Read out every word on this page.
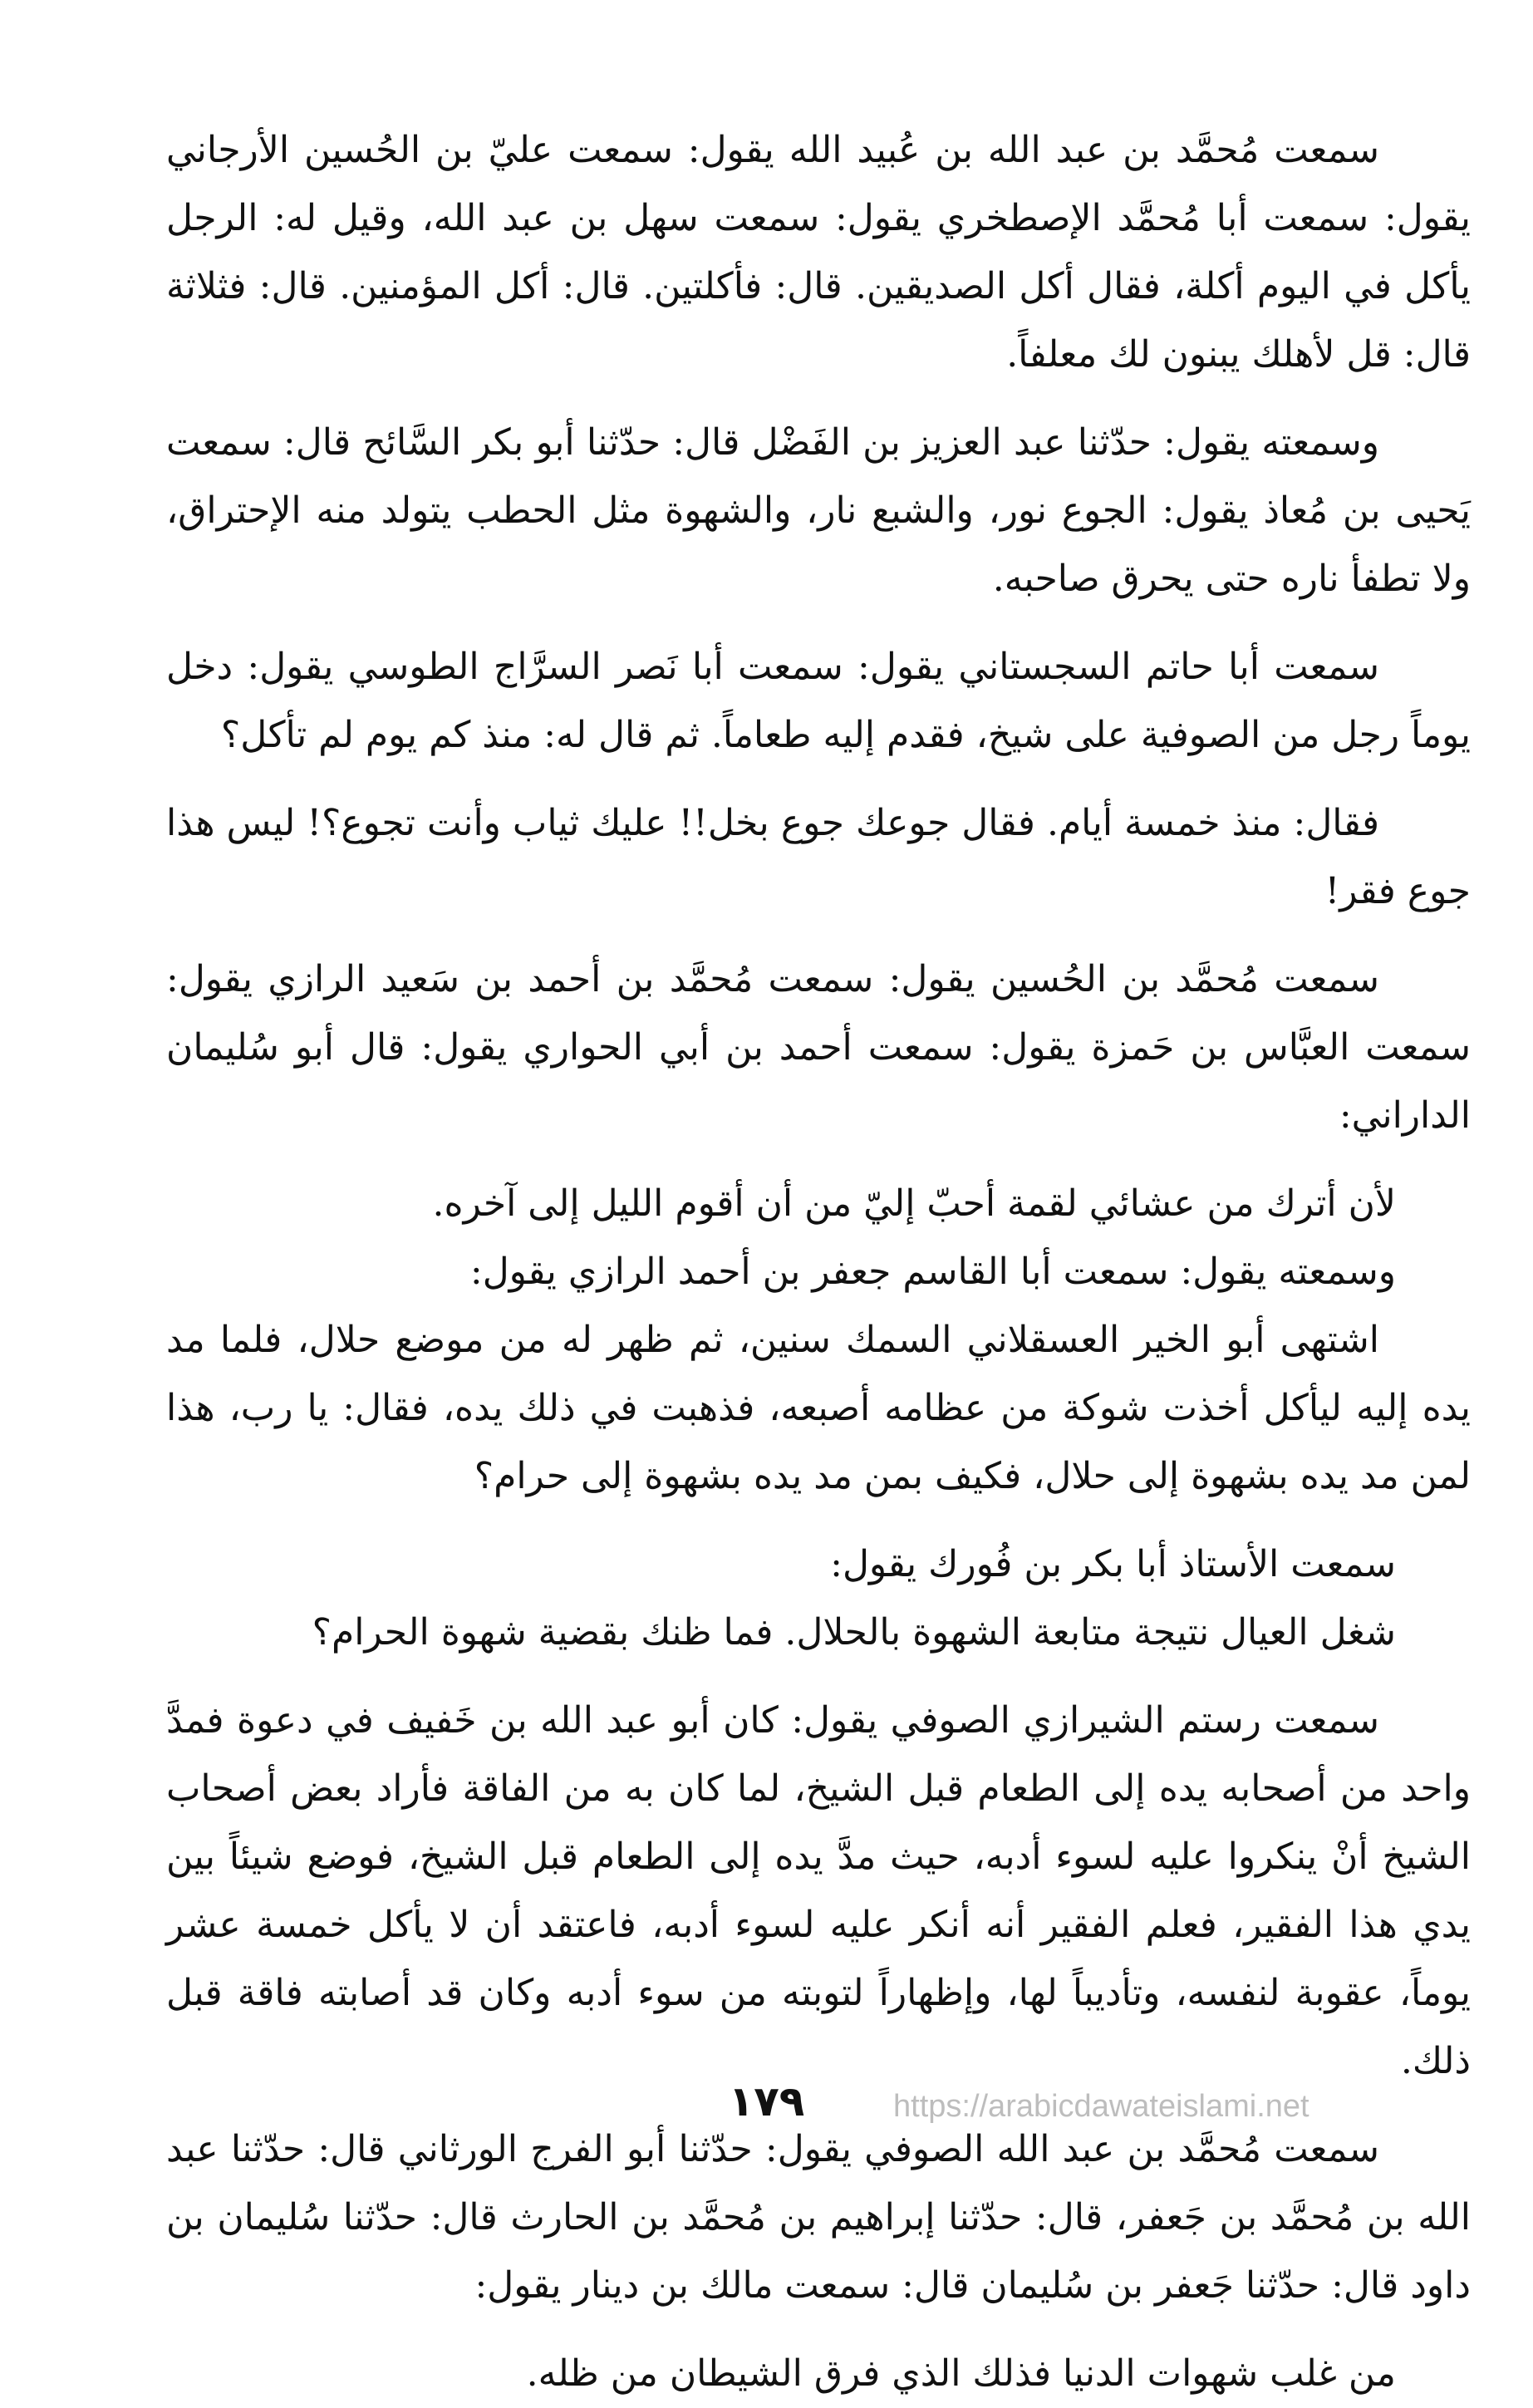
سمعت مُحمَّد بن عبد الله بن عُبيد الله يقول: سمعت عليّ بن الحُسين الأرجاني يقول: سمعت أبا مُحمَّد الإصطخري يقول: سمعت سهل بن عبد الله، وقيل له: الرجل يأكل في اليوم أكلة، فقال أكل الصديقين. قال: فأكلتين. قال: أكل المؤمنين. قال: فثلاثة قال: قل لأهلك يبنون لك معلفاً.

وسمعته يقول: حدّثنا عبد العزيز بن الفَضْل قال: حدّثنا أبو بكر السَّائح قال: سمعت يَحيى بن مُعاذ يقول: الجوع نور، والشبع نار، والشهوة مثل الحطب يتولد منه الإحتراق، ولا تطفأ ناره حتى يحرق صاحبه.

سمعت أبا حاتم السجستاني يقول: سمعت أبا نَصر السرَّاج الطوسي يقول: دخل يوماً رجل من الصوفية على شيخ، فقدم إليه طعاماً. ثم قال له: منذ كم يوم لم تأكل؟

فقال: منذ خمسة أيام. فقال جوعك جوع بخل!! عليك ثياب وأنت تجوع؟! ليس هذا جوع فقر!

سمعت مُحمَّد بن الحُسين يقول: سمعت مُحمَّد بن أحمد بن سَعيد الرازي يقول: سمعت العبَّاس بن حَمزة يقول: سمعت أحمد بن أبي الحواري يقول: قال أبو سُليمان الداراني:

لأن أترك من عشائي لقمة أحبّ إليّ من أن أقوم الليل إلى آخره.

وسمعته يقول: سمعت أبا القاسم جعفر بن أحمد الرازي يقول:

اشتهى أبو الخير العسقلاني السمك سنين، ثم ظهر له من موضع حلال، فلما مد يده إليه ليأكل أخذت شوكة من عظامه أصبعه، فذهبت في ذلك يده، فقال: يا رب، هذا لمن مد يده بشهوة إلى حلال، فكيف بمن مد يده بشهوة إلى حرام؟

سمعت الأستاذ أبا بكر بن فُورك يقول:

شغل العيال نتيجة متابعة الشهوة بالحلال. فما ظنك بقضية شهوة الحرام؟

سمعت رستم الشيرازي الصوفي يقول: كان أبو عبد الله بن خَفيف في دعوة فمدَّ واحد من أصحابه يده إلى الطعام قبل الشيخ، لما كان به من الفاقة فأراد بعض أصحاب الشيخ أنْ ينكروا عليه لسوء أدبه، حيث مدَّ يده إلى الطعام قبل الشيخ، فوضع شيئاً بين يدي هذا الفقير، فعلم الفقير أنه أنكر عليه لسوء أدبه، فاعتقد أن لا يأكل خمسة عشر يوماً، عقوبة لنفسه، وتأديباً لها، وإظهاراً لتوبته من سوء أدبه وكان قد أصابته فاقة قبل ذلك.

سمعت مُحمَّد بن عبد الله الصوفي يقول: حدّثنا أبو الفرج الورثاني قال: حدّثنا عبد الله بن مُحمَّد بن جَعفر، قال: حدّثنا إبراهيم بن مُحمَّد بن الحارث قال: حدّثنا سُليمان بن داود قال: حدّثنا جَعفر بن سُليمان قال: سمعت مالك بن دينار يقول:

من غلب شهوات الدنيا فذلك الذي فرق الشيطان من ظله.

١٧٩	https://arabicdawateislami.net
